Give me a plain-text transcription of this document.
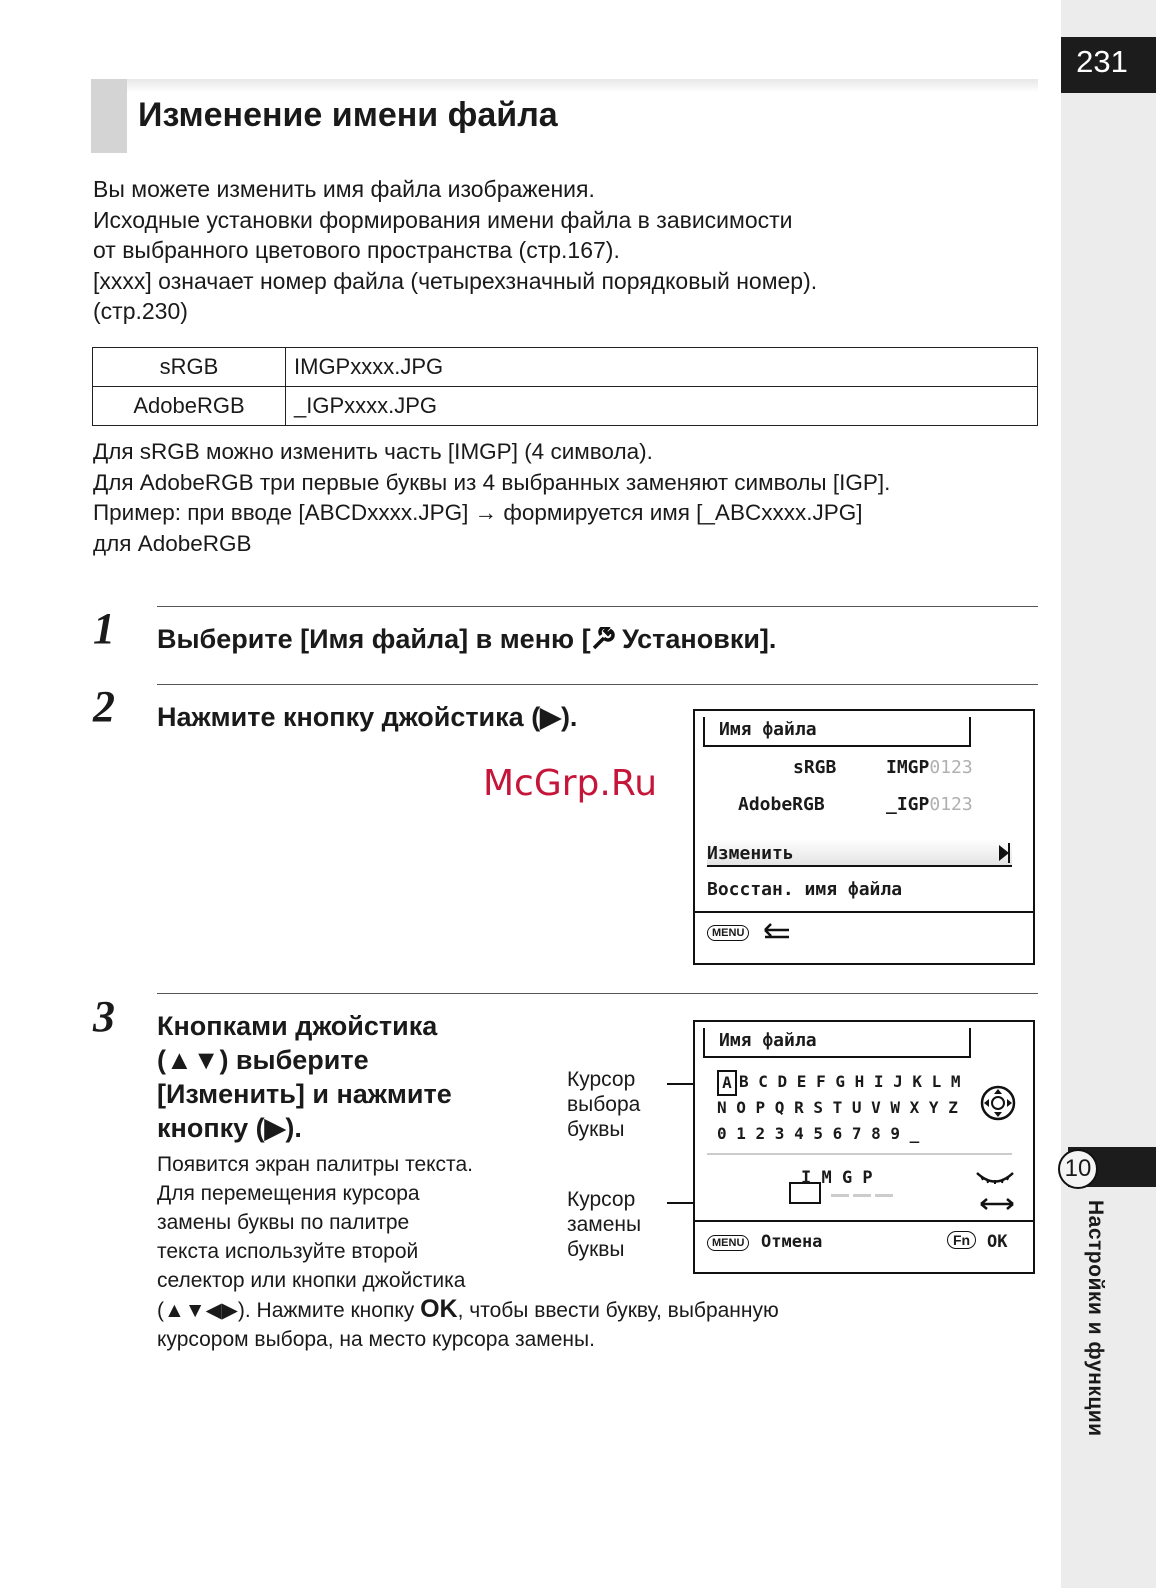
231
10
Настройки и функции
Изменение имени файла

Вы можете изменить имя файла изображения.
Исходные установки формирования имени файла в зависимости
от выбранного цветового пространства (стр.167).
[xxxx] означает номер файла (четырехзначный порядковый номер).
(стр.230)

sRGB	IMGPxxxx.JPG
AdobeRGB	_IGPxxxx.JPG

Для sRGB можно изменить часть [IMGP] (4 символа).
Для AdobeRGB три первые буквы из 4 выбранных заменяют символы [IGP].
Пример: при вводе [ABCDxxxx.JPG] → формируется имя [_ABCxxxx.JPG]
для AdobeRGB

1 Выберите [Имя файла] в меню [ Установки].

2 Нажмите кнопку джойстика (▶).	Имя файла
sRGB	IMGP0123
AdobeRGB	_IGP0123
Изменить
Восстан. имя файла
MENU
McGrp.Ru
3 Кнопками джойстика
(▲▼) выберите
[Изменить] и нажмите
кнопку (▶).

Курсор
выбора
буквы

Курсор
замены
буквы

Имя файла
A B C D E F G H I J K L M
N O P Q R S T U V W X Y Z
0 1 2 3 4 5 6 7 8 9 _
I M G P
MENU Отмена	Fn OK

Появится экран палитры текста.
Для перемещения курсора
замены буквы по палитре
текста используйте второй
селектор или кнопки джойстика

(▲▼◀▶). Нажмите кнопку OK, чтобы ввести букву, выбранную
курсором выбора, на место курсора замены.
